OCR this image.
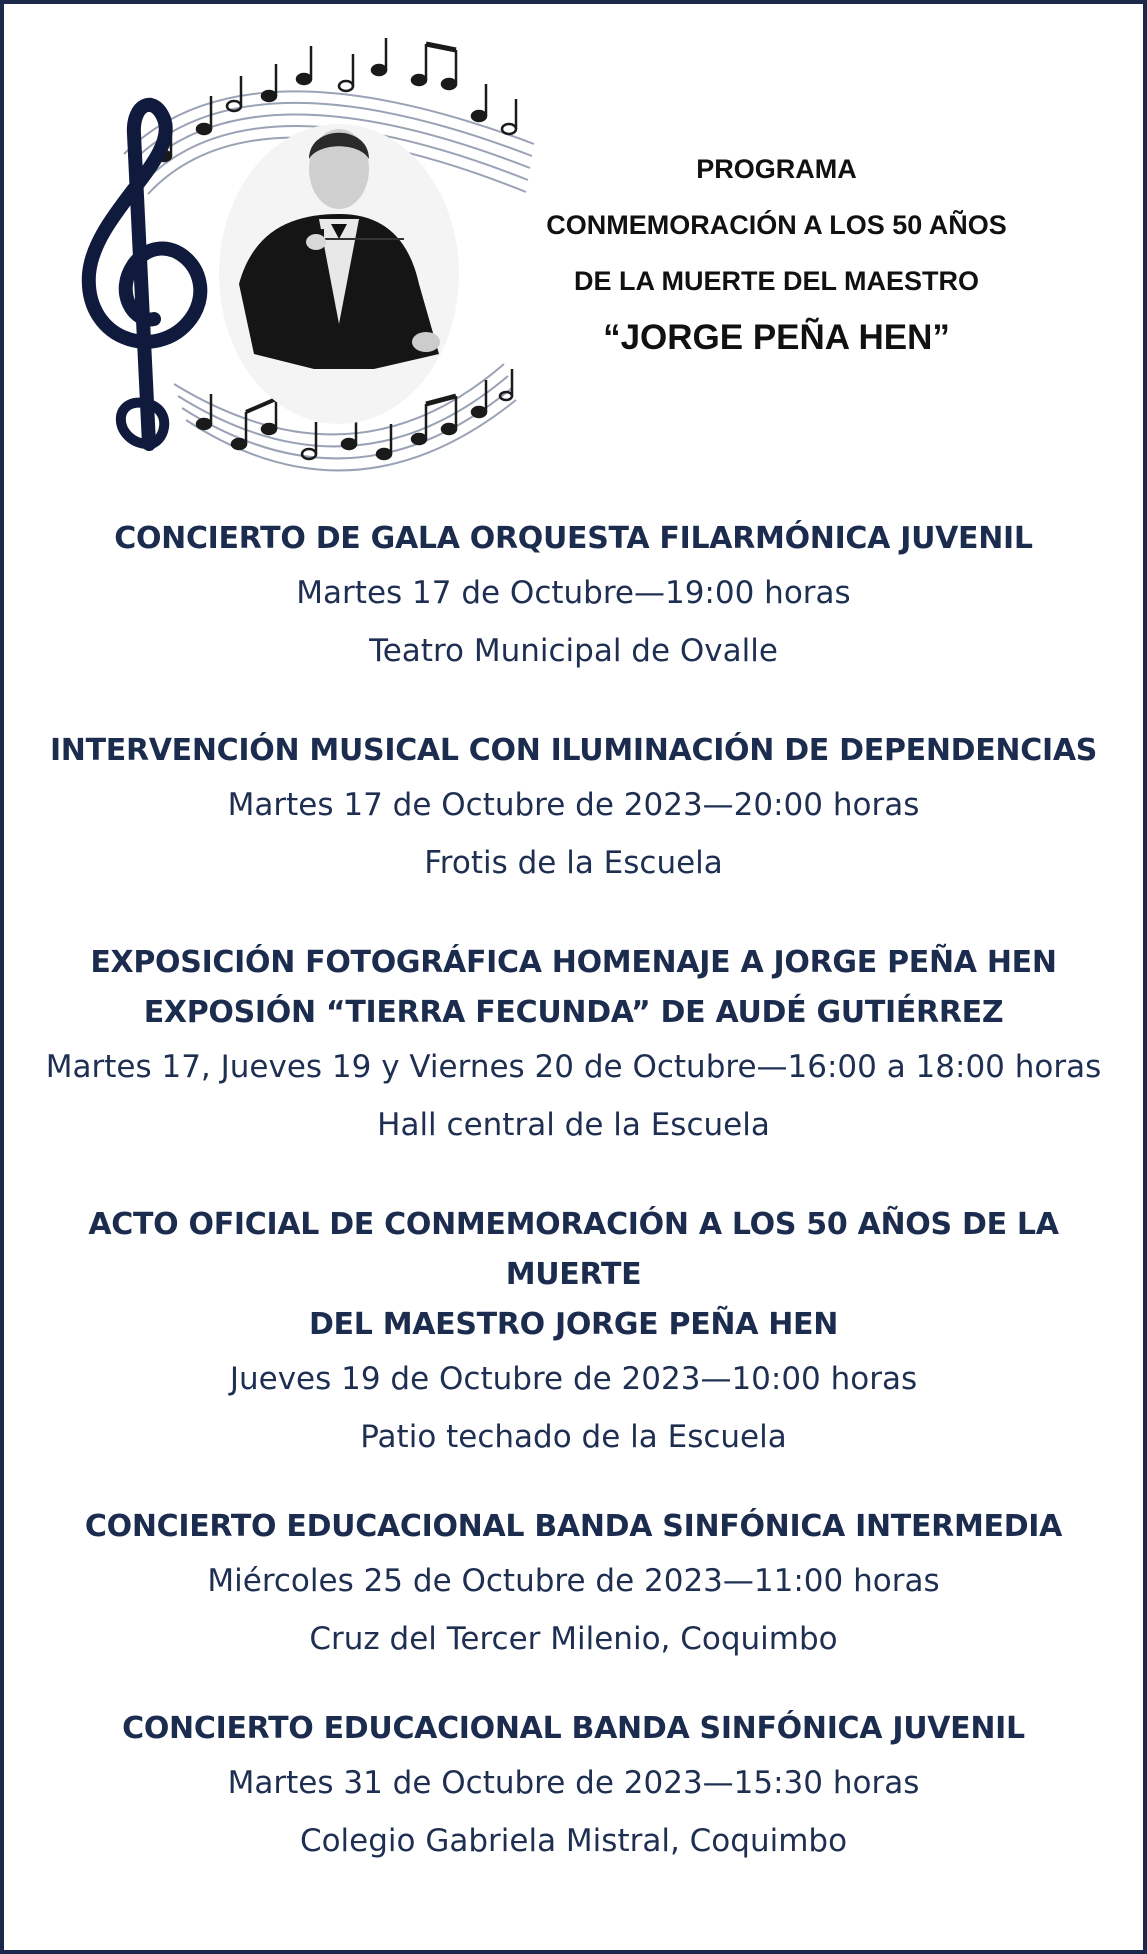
PROGRAMA
CONMEMORACIÓN A LOS 50 AÑOS
DE LA MUERTE DEL MAESTRO
“JORGE PEÑA HEN”
CONCIERTO DE GALA ORQUESTA FILARMÓNICA JUVENIL
Martes 17 de Octubre—19:00 horas
Teatro Municipal de Ovalle
INTERVENCIÓN MUSICAL CON ILUMINACIÓN DE DEPENDENCIAS
Martes 17 de Octubre de 2023—20:00 horas
Frotis de la Escuela
EXPOSICIÓN FOTOGRÁFICA HOMENAJE A JORGE PEÑA HEN
EXPOSIÓN “TIERRA FECUNDA” DE AUDÉ GUTIÉRREZ
Martes 17, Jueves 19 y Viernes 20 de Octubre—16:00 a 18:00 horas
Hall central de la Escuela
ACTO OFICIAL DE CONMEMORACIÓN A LOS 50 AÑOS DE LA MUERTE
DEL MAESTRO JORGE PEÑA HEN
Jueves 19 de Octubre de 2023—10:00 horas
Patio techado de la Escuela
CONCIERTO EDUCACIONAL BANDA SINFÓNICA INTERMEDIA
Miércoles 25 de Octubre de 2023—11:00 horas
Cruz del Tercer Milenio, Coquimbo
CONCIERTO EDUCACIONAL BANDA SINFÓNICA JUVENIL
Martes 31 de Octubre de 2023—15:30 horas
Colegio Gabriela Mistral, Coquimbo
